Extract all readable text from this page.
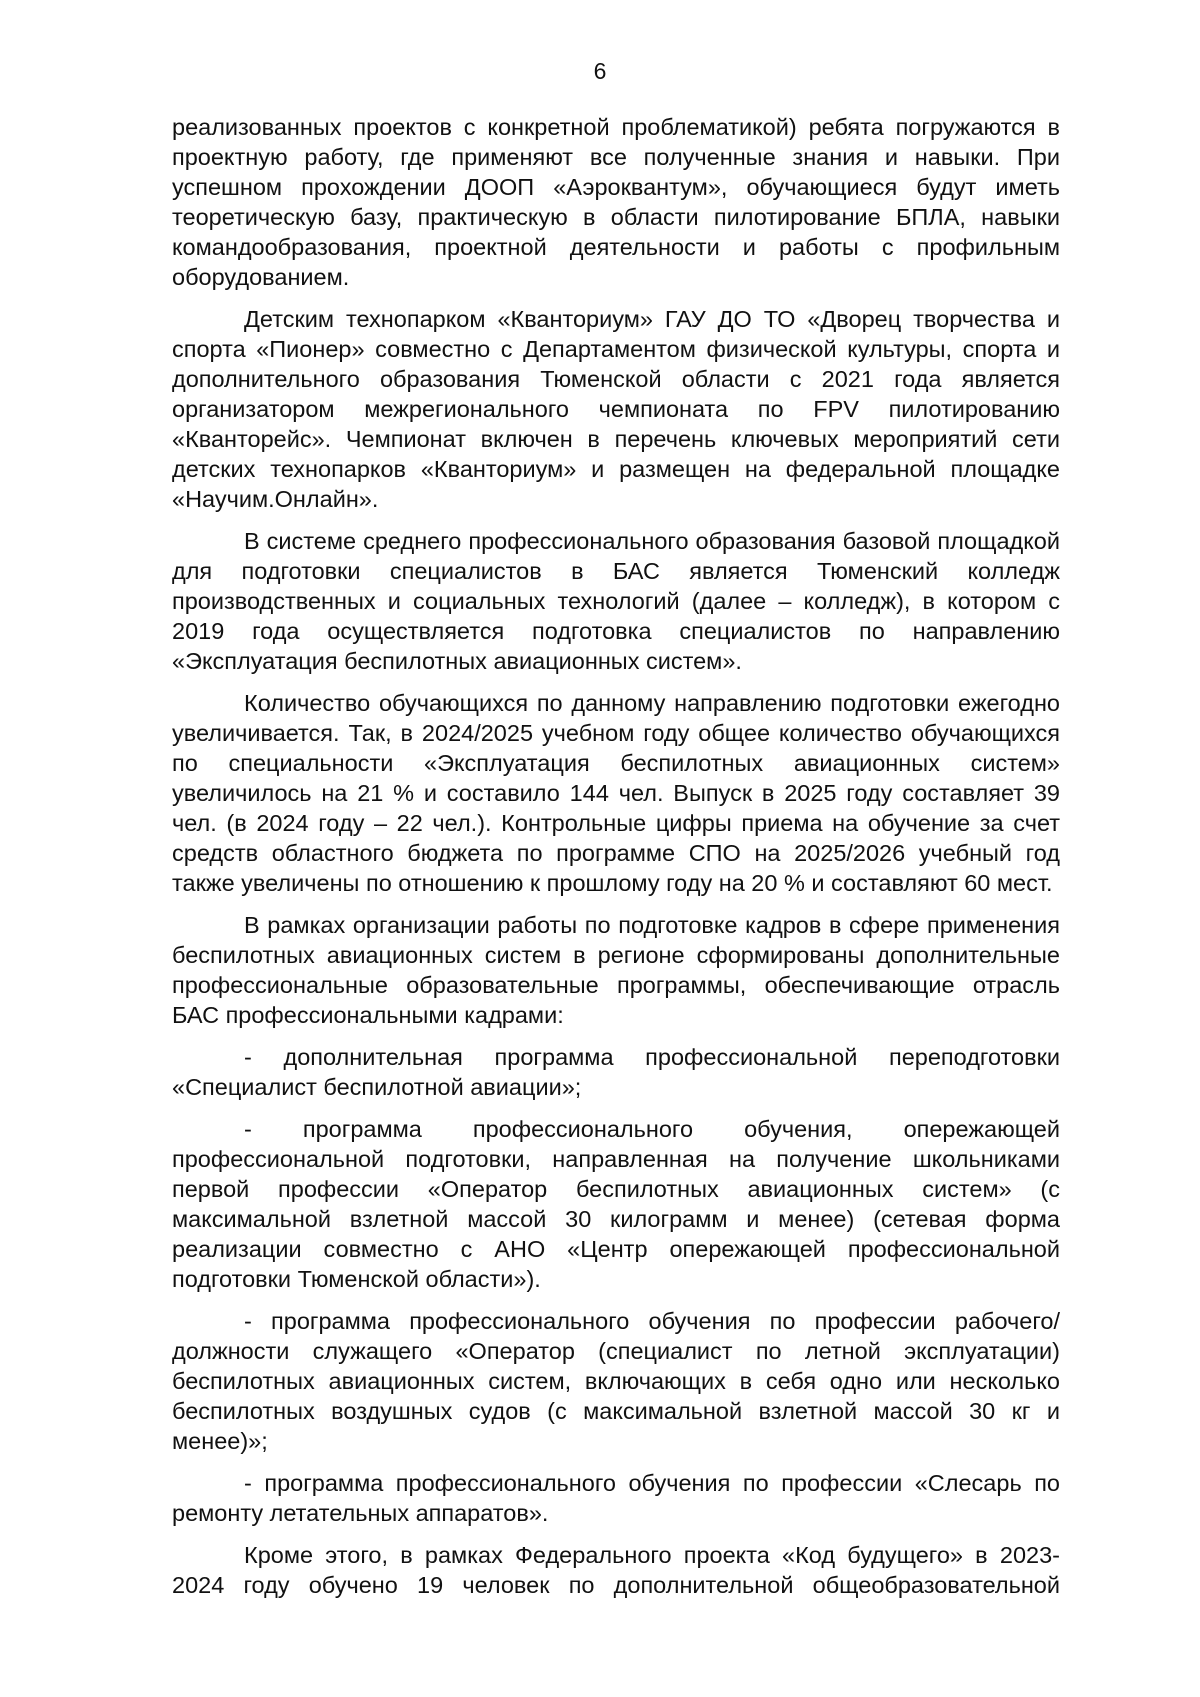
6

реализованных проектов с конкретной проблематикой) ребята погружаются в проектную работу, где применяют все полученные знания и навыки. При успешном прохождении ДООП «Аэроквантум», обучающиеся будут иметь теоретическую базу, практическую в области пилотирование БПЛА, навыки командообразования, проектной деятельности и работы с профильным оборудованием.

Детским технопарком «Кванториум» ГАУ ДО ТО «Дворец творчества и спорта «Пионер» совместно с Департаментом физической культуры, спорта и дополнительного образования Тюменской области с 2021 года является организатором межрегионального чемпионата по FPV пилотированию «Кванторейс». Чемпионат включен в перечень ключевых мероприятий сети детских технопарков «Кванториум» и размещен на федеральной площадке «Научим.Онлайн».

В системе среднего профессионального образования базовой площадкой для подготовки специалистов в БАС является Тюменский колледж производственных и социальных технологий (далее – колледж), в котором с 2019 года осуществляется подготовка специалистов по направлению «Эксплуатация беспилотных авиационных систем».

Количество обучающихся по данному направлению подготовки ежегодно увеличивается. Так, в 2024/2025 учебном году общее количество обучающихся по специальности «Эксплуатация беспилотных авиационных систем» увеличилось на 21 % и составило 144 чел. Выпуск в 2025 году составляет 39 чел. (в 2024 году – 22 чел.). Контрольные цифры приема на обучение за счет средств областного бюджета по программе СПО на 2025/2026 учебный год также увеличены по отношению к прошлому году на 20 % и составляют 60 мест.

В рамках организации работы по подготовке кадров в сфере применения беспилотных авиационных систем в регионе сформированы дополнительные профессиональные образовательные программы, обеспечивающие отрасль БАС профессиональными кадрами:

- дополнительная программа профессиональной переподготовки «Специалист беспилотной авиации»;

- программа профессионального обучения, опережающей профессиональной подготовки, направленная на получение школьниками первой профессии «Оператор беспилотных авиационных систем» (с максимальной взлетной массой 30 килограмм и менее) (сетевая форма реализации совместно с АНО «Центр опережающей профессиональной подготовки Тюменской области»).

- программа профессионального обучения по профессии рабочего/должности служащего «Оператор (специалист по летной эксплуатации) беспилотных авиационных систем, включающих в себя одно или несколько беспилотных воздушных судов (с максимальной взлетной массой 30 кг и менее)»;

- программа профессионального обучения по профессии «Слесарь по ремонту летательных аппаратов».

Кроме этого, в рамках Федерального проекта «Код будущего» в 2023-2024 году обучено 19 человек по дополнительной общеобразовательной
